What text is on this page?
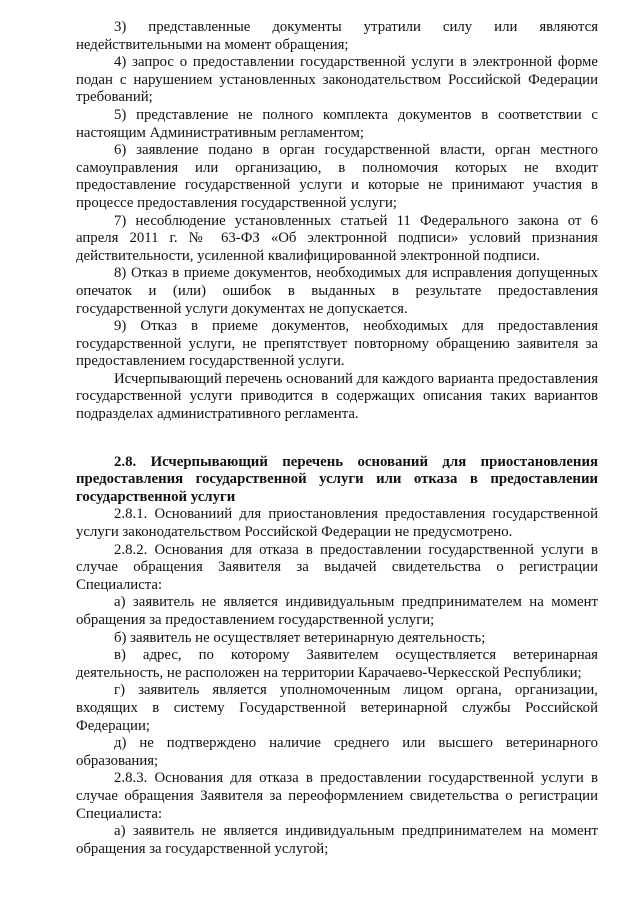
3) представленные документы утратили силу или являются недействительными на момент обращения;

4) запрос о предоставлении государственной услуги в электронной форме подан с нарушением установленных законодательством Российской Федерации требований;

5) представление не полного комплекта документов в соответствии с настоящим Административным регламентом;

6) заявление подано в орган государственной власти, орган местного самоуправления или организацию, в полномочия которых не входит предоставление государственной услуги и которые не принимают участия в процессе предоставления государственной услуги;

7) несоблюдение установленных статьей 11 Федерального закона от 6 апреля 2011 г. № 63-ФЗ «Об электронной подписи» условий признания действительности, усиленной квалифицированной электронной подписи.

8) Отказ в приеме документов, необходимых для исправления допущенных опечаток и (или) ошибок в выданных в результате предоставления государственной услуги документах не допускается.

9) Отказ в приеме документов, необходимых для предоставления государственной услуги, не препятствует повторному обращению заявителя за предоставлением государственной услуги.

Исчерпывающий перечень оснований для каждого варианта предоставления государственной услуги приводится в содержащих описания таких вариантов подразделах административного регламента.

2.8. Исчерпывающий перечень оснований для приостановления предоставления государственной услуги или отказа в предоставлении государственной услуги

2.8.1. Основаниий для приостановления предоставления государственной услуги законодательством Российской Федерации не предусмотрено.

2.8.2. Основания для отказа в предоставлении государственной услуги в случае обращения Заявителя за выдачей свидетельства о регистрации Специалиста:

а) заявитель не является индивидуальным предпринимателем на момент обращения за предоставлением государственной услуги;

б) заявитель не осуществляет ветеринарную деятельность;

в) адрес, по которому Заявителем осуществляется ветеринарная деятельность, не расположен на территории Карачаево-Черкесской Республики;

г) заявитель является уполномоченным лицом органа, организации, входящих в систему Государственной ветеринарной службы Российской Федерации;

д) не подтверждено наличие среднего или высшего ветеринарного образования;

2.8.3. Основания для отказа в предоставлении государственной услуги в случае обращения Заявителя за переоформлением свидетельства о регистрации Специалиста:

а) заявитель не является индивидуальным предпринимателем на момент обращения за государственной услугой;
